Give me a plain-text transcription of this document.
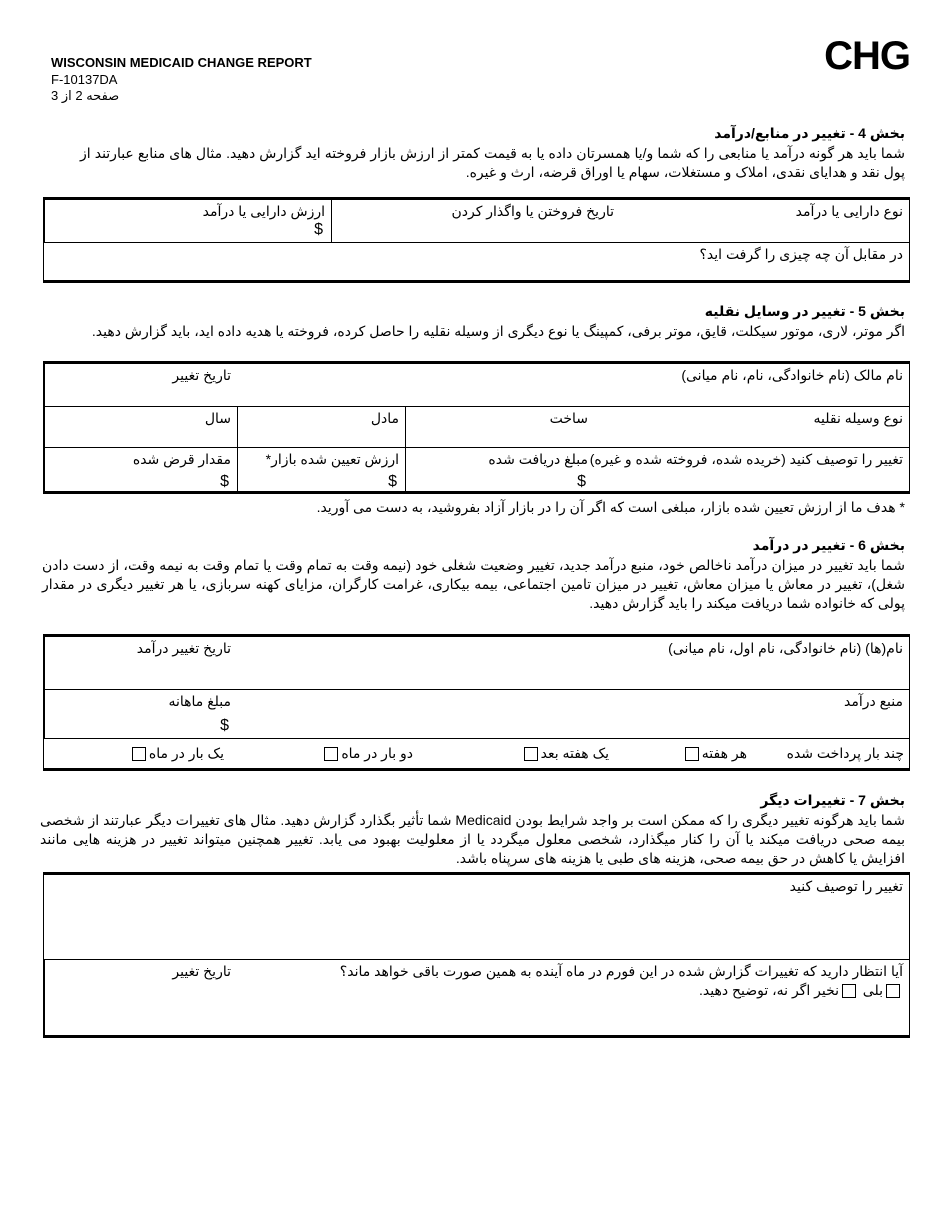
WISCONSIN MEDICAID CHANGE REPORT
F-10137DA
صفحه 2 از 3
CHG
بخش 4 - تغییر در منابع/درآمد
شما باید هر گونه درآمد یا منابعی را که شما و/یا همسرتان داده یا به قیمت کمتر از ارزش بازار فروخته اید گزارش دهید. مثال های منابع عبارتند از پول نقد و هدایای نقدی، املاک و مستغلات، سهام یا اوراق قرضه، ارث و غیره.
نوع دارایی یا درآمد
تاریخ فروختن یا واگذار کردن
ارزش دارایی یا درآمد
$
در مقابل آن چه چیزی را گرفت اید؟
بخش 5 - تغییر در وسایل نقلیه
اگر موتر، لاری، موتور سیکلت، قایق، موتر برفی، کمپینگ یا نوع دیگری از وسیله نقلیه را حاصل کرده، فروخته یا هدیه داده اید، باید گزارش دهید.
نام مالک (نام خانوادگی، نام، نام میانی)
تاریخ تغییر
نوع وسیله نقلیه
ساخت
مادل
سال
تغییر را توصیف کنید (خریده شده، فروخته شده و غیره)
مبلغ دریافت شده
$
ارزش تعیین شده بازار*
$
مقدار قرض شده
$
* هدف ما از ارزش تعیین شده بازار، مبلغی است که اگر آن را در بازار آزاد بفروشید، به دست می آورید.
بخش 6 - تغییر در درآمد
شما باید تغییر در میزان درآمد ناخالص خود، منبع درآمد جدید، تغییر وضعیت شغلی خود (نیمه وقت به تمام وقت یا تمام وقت به نیمه وقت، از دست دادن شغل)، تغییر در معاش یا میزان معاش، تغییر در میزان تامین اجتماعی، بیمه بیکاری، غرامت کارگران، مزایای کهنه سربازی، یا هر تغییر دیگری در مقدار پولی که خانواده شما دریافت میکند را باید گزارش دهید.
نام(ها) (نام خانوادگی، نام اول، نام میانی)
تاریخ تغییر درآمد
منبع درآمد
مبلغ ماهانه
$
چند بار پرداخت شده
هر هفته
یک هفته بعد
دو بار در ماه
یک بار در ماه
بخش 7 - تغییرات دیگر
شما باید هرگونه تغییر دیگری را که ممکن است بر واجد شرایط بودن Medicaid شما تأثیر بگذارد گزارش دهید. مثال های تغییرات دیگر عبارتند از شخصی بیمه صحی دریافت میکند یا آن را کنار میگذارد، شخصی معلول میگردد یا از معلولیت بهبود می یابد. تغییر همچنین میتواند تغییر در هزینه هایی مانند افزایش یا کاهش در حق بیمه صحی، هزینه های طبی یا هزینه های سرپناه باشد.
تغییر را توصیف کنید
آیا انتظار دارید که تغییرات گزارش شده در این فورم در ماه آینده به همین صورت باقی خواهد ماند؟
بلی
نخیر اگر نه، توضیح دهید.
تاریخ تغییر
